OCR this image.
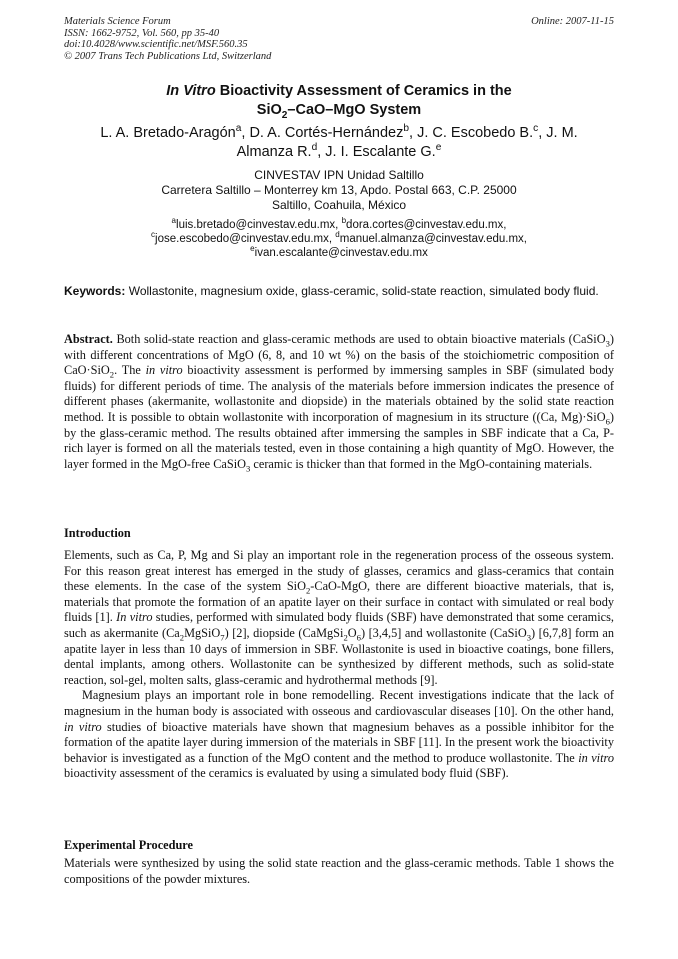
Materials Science Forum
ISSN: 1662-9752, Vol. 560, pp 35-40
doi:10.4028/www.scientific.net/MSF.560.35
© 2007 Trans Tech Publications Ltd, Switzerland
Online: 2007-11-15
In Vitro Bioactivity Assessment of Ceramics in the
SiO$_2$–CaO–MgO System
L. A. Bretado-Aragón$^a$, D. A. Cortés-Hernández$^b$, J. C. Escobedo B.$^c$, J. M.
Almanza R.$^d$, J. I. Escalante G.$^e$
CINVESTAV IPN Unidad Saltillo
Carretera Saltillo – Monterrey km 13, Apdo. Postal 663, C.P. 25000
Saltillo, Coahuila, México
$^a$luis.bretado@cinvestav.edu.mx, $^b$dora.cortes@cinvestav.edu.mx,
$^c$jose.escobedo@cinvestav.edu.mx, $^d$manuel.almanza@cinvestav.edu.mx,
$^e$ivan.escalante@cinvestav.edu.mx
Keywords: Wollastonite, magnesium oxide, glass-ceramic, solid-state reaction, simulated body fluid.
Abstract. Both solid-state reaction and glass-ceramic methods are used to obtain bioactive materials (CaSiO$_3$) with different concentrations of MgO (6, 8, and 10 wt %) on the basis of the stoichiometric composition of CaO·SiO$_2$. The in vitro bioactivity assessment is performed by immersing samples in SBF (simulated body fluids) for different periods of time. The analysis of the materials before immersion indicates the presence of different phases (akermanite, wollastonite and diopside) in the materials obtained by the solid state reaction method. It is possible to obtain wollastonite with incorporation of magnesium in its structure ((Ca, Mg)·SiO$_6$) by the glass-ceramic method. The results obtained after immersing the samples in SBF indicate that a Ca, P-rich layer is formed on all the materials tested, even in those containing a high quantity of MgO. However, the layer formed in the MgO-free CaSiO$_3$ ceramic is thicker than that formed in the MgO-containing materials.
Introduction

Elements, such as Ca, P, Mg and Si play an important role in the regeneration process of the osseous system. For this reason great interest has emerged in the study of glasses, ceramics and glass-ceramics that contain these elements. In the case of the system SiO$_2$-CaO-MgO, there are different bioactive materials, that is, materials that promote the formation of an apatite layer on their surface in contact with simulated or real body fluids [1]. In vitro studies, performed with simulated body fluids (SBF) have demonstrated that some ceramics, such as akermanite $(Ca_2MgSiO_7)$ [2], diopside $(CaMgSi_2O_6)$ [3,4,5] and wollastonite (CaSiO$_3$) [6,7,8] form an apatite layer in less than 10 days of immersion in SBF. Wollastonite is used in bioactive coatings, bone fillers, dental implants, among others. Wollastonite can be synthesized by different methods, such as solid-state reaction, sol-gel, molten salts, glass-ceramic and hydrothermal methods [9].

Magnesium plays an important role in bone remodelling. Recent investigations indicate that the lack of magnesium in the human body is associated with osseous and cardiovascular diseases [10]. On the other hand, in vitro studies of bioactive materials have shown that magnesium behaves as a possible inhibitor for the formation of the apatite layer during immersion of the materials in SBF [11]. In the present work the bioactivity behavior is investigated as a function of the MgO content and the method to produce wollastonite. The in vitro bioactivity assessment of the ceramics is evaluated by using a simulated body fluid (SBF).

Experimental Procedure

Materials were synthesized by using the solid state reaction and the glass-ceramic methods. Table 1 shows the compositions of the powder mixtures.
